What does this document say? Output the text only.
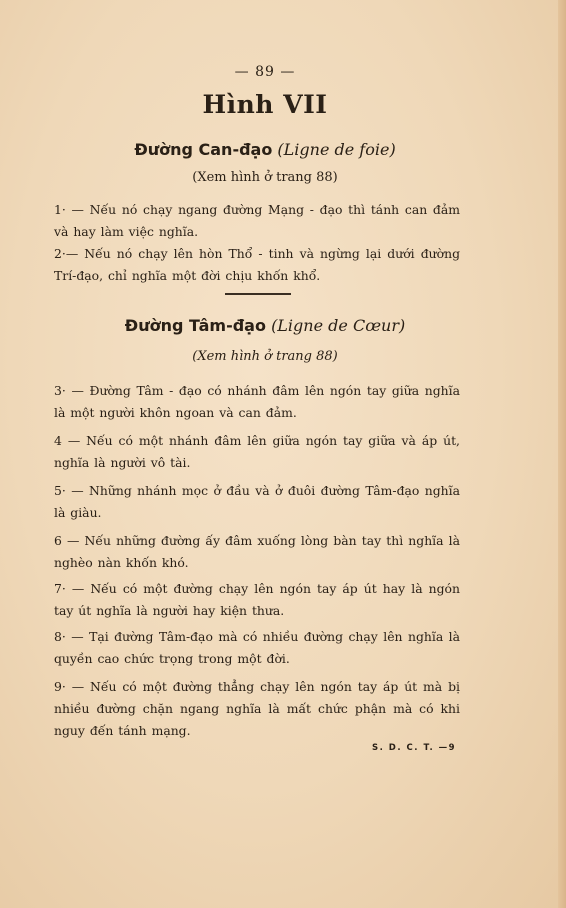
— 89 —
Hình VII
Đường Can-đạo (Ligne de foie)
(Xem hình ở trang 88)
1· — Nếu nó chạy ngang đường Mạng - đạo thì tánh can đảm và hay làm việc nghĩa.
2·— Nếu nó chạy lên hòn Thổ - tinh và ngừng lại dưới đường Trí-đạo, chỉ nghĩa một đời chịu khốn khổ.
Đường Tâm-đạo (Ligne de Cœur)
(Xem hình ở trang 88)
3· — Đường Tâm - đạo có nhánh đâm lên ngón tay giữa nghĩa là một người khôn ngoan và can đảm.
4 — Nếu có một nhánh đâm lên giữa ngón tay giữa và áp út, nghĩa là người vô tài.
5· — Những nhánh mọc ở đầu và ở đuôi đường Tâm-đạo nghĩa là giàu.
6 — Nếu những đường ấy đâm xuống lòng bàn tay thì nghĩa là nghèo nàn khốn khó.
7· — Nếu có một đường chạy lên ngón tay áp út hay là ngón tay út nghĩa là người hay kiện thưa.
8· — Tại đường Tâm-đạo mà có nhiều đường chạy lên nghĩa là quyền cao chức trọng trong một đời.
9· — Nếu có một đường thẳng chạy lên ngón tay áp út mà bị nhiều đường chặn ngang nghĩa là mất chức phận mà có khi nguy đến tánh mạng.
S. D. C. T. —9
